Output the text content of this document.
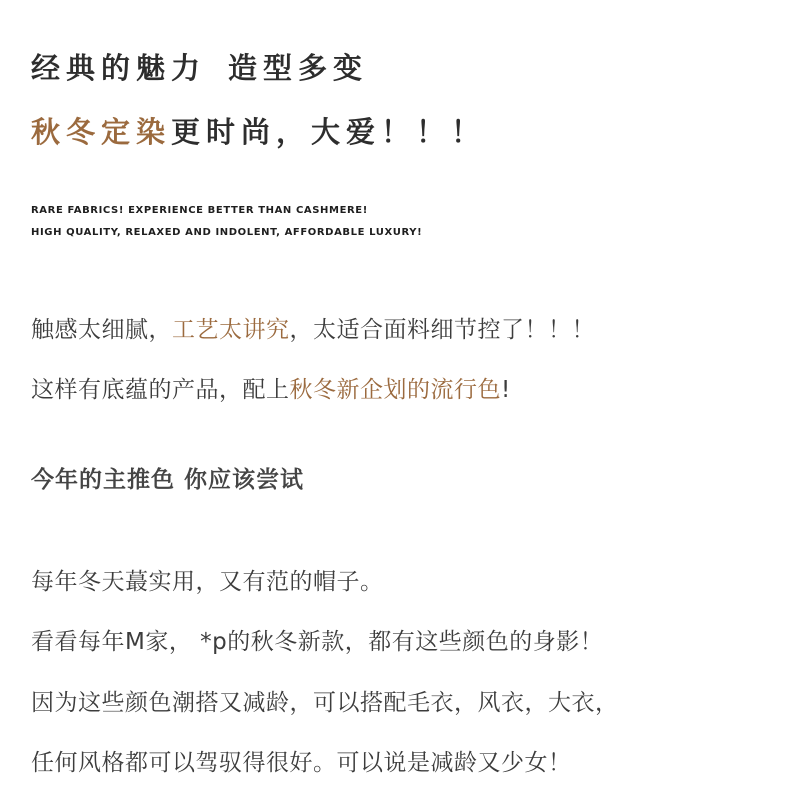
经典的魅力 造型多变
秋冬定染更时尚，大爱！！！
RARE FABRICS! EXPERIENCE BETTER THAN CASHMERE!
HIGH QUALITY, RELAXED AND INDOLENT, AFFORDABLE LUXURY!
触感太细腻，工艺太讲究，太适合面料细节控了！！！
这样有底蕴的产品，配上秋冬新企划的流行色!
今年的主推色 你应该尝试
每年冬天蕞实用，又有范的帽子。
看看每年M家， *p的秋冬新款，都有这些颜色的身影！
因为这些颜色潮搭又减龄，可以搭配毛衣，风衣，大衣，
任何风格都可以驾驭得很好。可以说是减龄又少女！
